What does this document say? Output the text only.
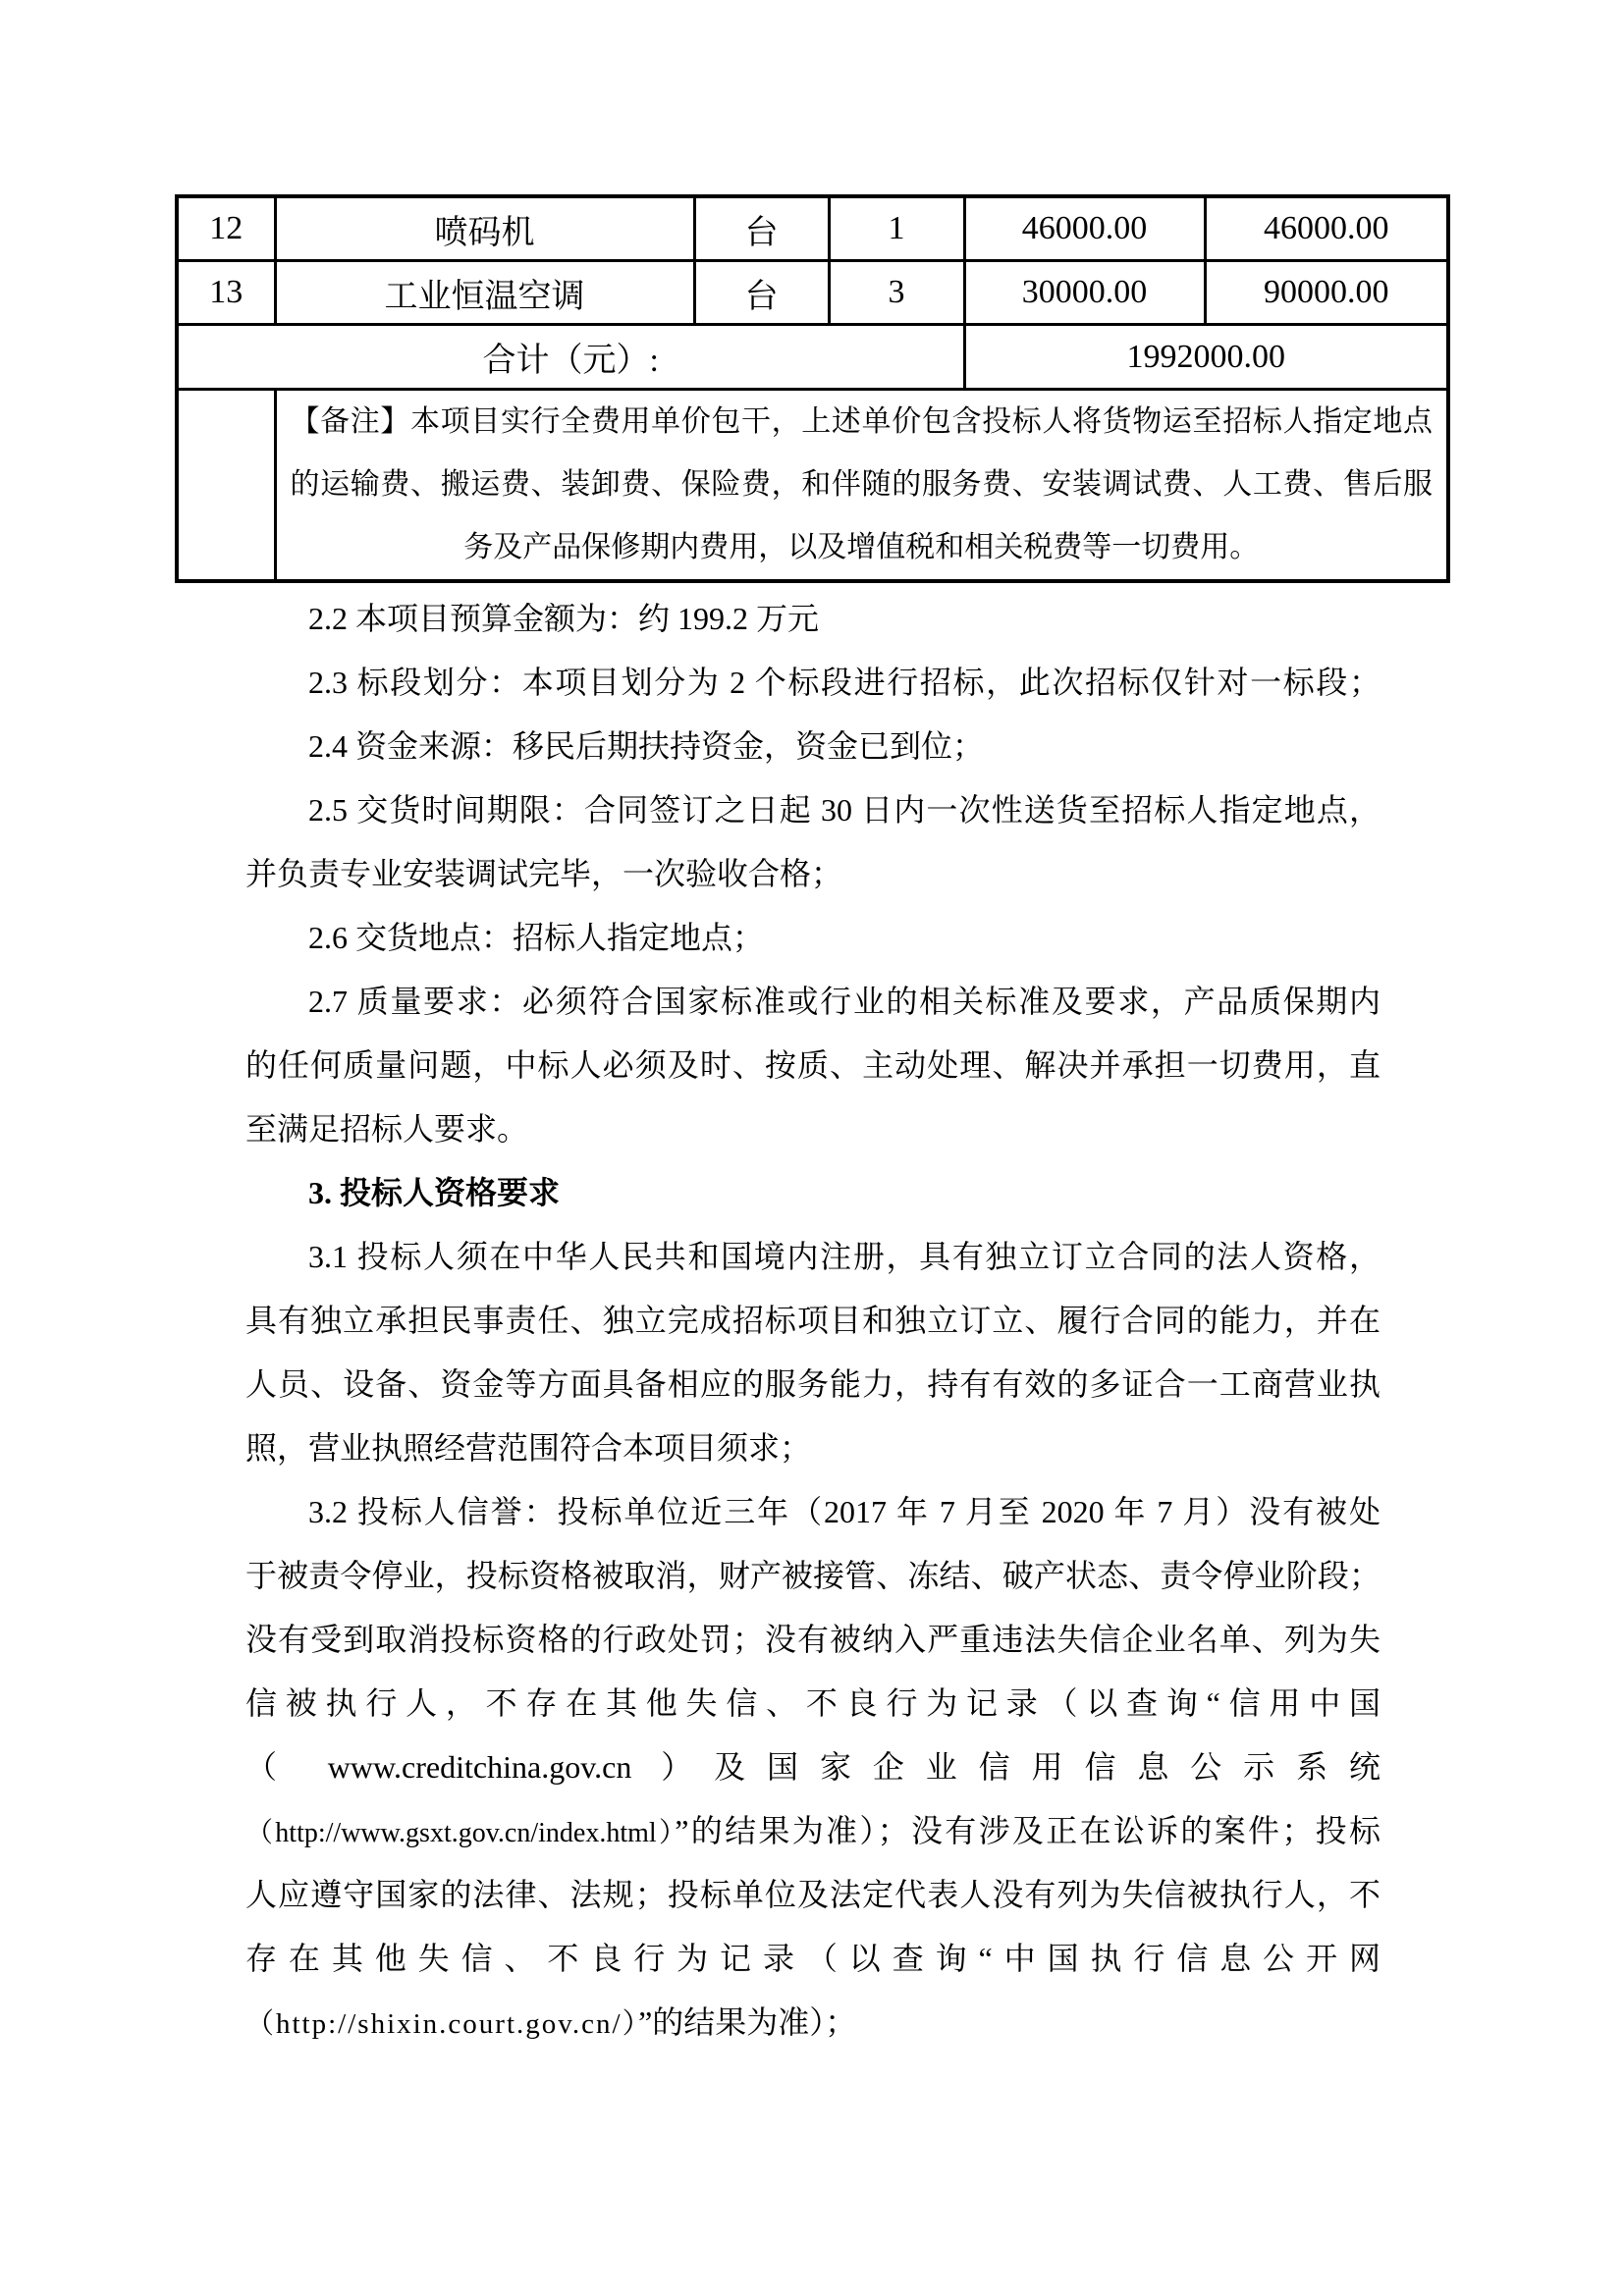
12	喷码机	台	1	46000.00	46000.00
13	工业恒温空调	台	3	30000.00	90000.00
合计（元）:				1992000.00	

	【备注】本项目实行全费用单价包干，上述单价包含投标人将货物运至招标人指定地点
的运输费、搬运费、装卸费、保险费，和伴随的服务费、安装调试费、人工费、售后服
务及产品保修期内费用，以及增值税和相关税费等一切费用。				
2.2 本项目预算金额为：约 199.2 万元
2.3 标段划分：本项目划分为 2 个标段进行招标，此次招标仅针对一标段；
2.4 资金来源：移民后期扶持资金，资金已到位；
2.5 交货时间期限：合同签订之日起 30 日内一次性送货至招标人指定地点，
并负责专业安装调试完毕，一次验收合格；
2.6 交货地点：招标人指定地点；
2.7 质量要求：必须符合国家标准或行业的相关标准及要求，产品质保期内
的任何质量问题，中标人必须及时、按质、主动处理、解决并承担一切费用，直
至满足招标人要求。
3. 投标人资格要求
3.1 投标人须在中华人民共和国境内注册，具有独立订立合同的法人资格，
具有独立承担民事责任、独立完成招标项目和独立订立、履行合同的能力，并在
人员、设备、资金等方面具备相应的服务能力，持有有效的多证合一工商营业执
照，营业执照经营范围符合本项目须求；
3.2 投标人信誉：投标单位近三年（2017 年 7 月至 2020 年 7 月）没有被处
于被责令停业，投标资格被取消，财产被接管、冻结、破产状态、责令停业阶段；
没有受到取消投标资格的行政处罚；没有被纳入严重违法失信企业名单、列为失
信被执行人，不存在其他失信、不良行为记录（以查询“信用中国
（ www.creditchina.gov.cn ）及国家企业信用信息公示系统
（http://www.gsxt.gov.cn/index.html）”的结果为准）；没有涉及正在讼诉的案件；投标
人应遵守国家的法律、法规；投标单位及法定代表人没有列为失信被执行人，不
存在其他失信、不良行为记录（以查询“中国执行信息公开网
（http://shixin.court.gov.cn/）”的结果为准）；
